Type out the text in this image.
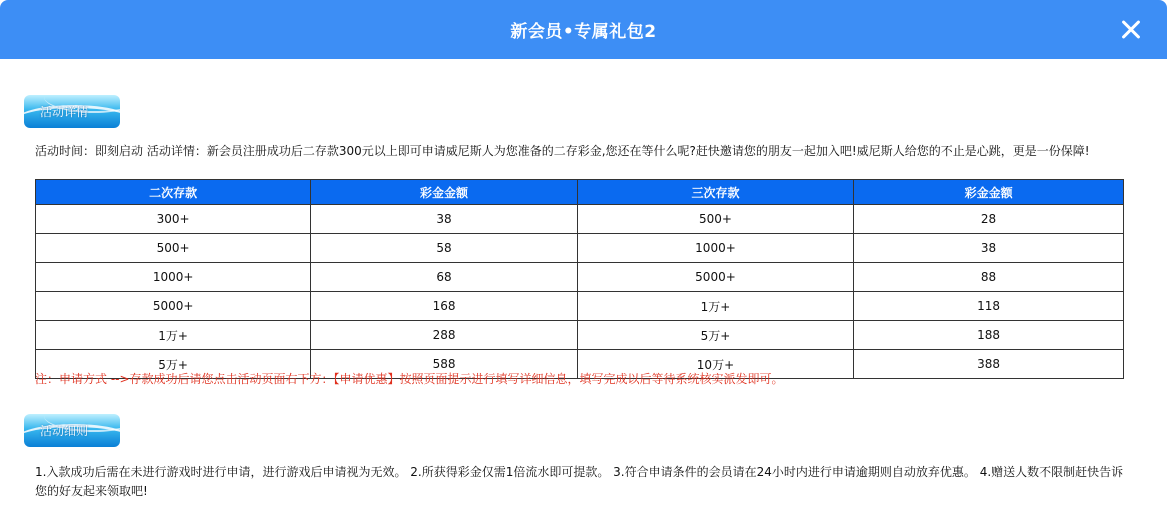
新会员•专属礼包2
活动详情
活动时间：即刻启动 活动详情：新会员注册成功后二存款300元以上即可申请威尼斯人为您准备的二存彩金,您还在等什么呢?赶快邀请您的朋友一起加入吧!威尼斯人给您的不止是心跳，更是一份保障!
二次存款	彩金金额	三次存款	彩金金额
300+	38	500+	28
500+	58	1000+	38
1000+	68	5000+	88
5000+	168	1万+	118
1万+	288	5万+	188
5万+	588	10万+	388
注：申请方式 -->存款成功后请您点击活动页面右下方：【申请优惠】按照页面提示进行填写详细信息，填写完成以后等待系统核实派发即可。
活动细则
1.入款成功后需在未进行游戏时进行申请，进行游戏后申请视为无效。 2.所获得彩金仅需1倍流水即可提款。 3.符合申请条件的会员请在24小时内进行申请逾期则自动放弃优惠。 4.赠送人数不限制赶快告诉您的好友起来领取吧!
